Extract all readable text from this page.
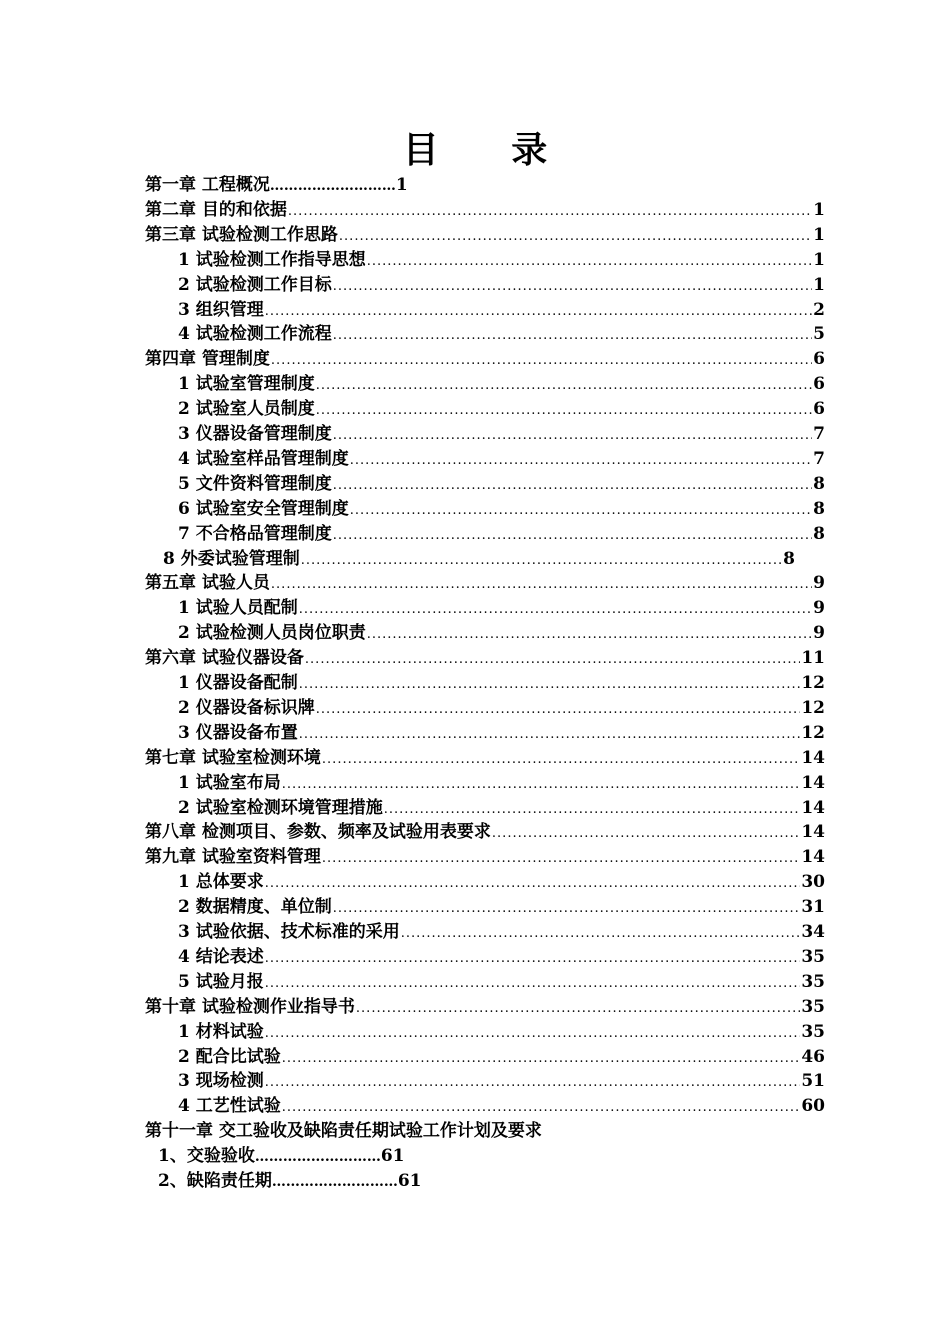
目 录
第一章 工程概况………………………1
第二章 目的和依据 .....	1
第三章 试验检测工作思路 .....	1
1 试验检测工作指导思想 .....	1
2 试验检测工作目标 .....	1
3 组织管理 .....	2
4 试验检测工作流程 .....	5
第四章 管理制度 .....	6
1 试验室管理制度 .....	6
2 试验室人员制度 .....	6
3 仪器设备管理制度 .....	7
4 试验室样品管理制度 .....	7
5 文件资料管理制度 .....	8
6 试验室安全管理制度 .....	8
7 不合格品管理制度 .....	8
8 外委试验管理制 .....	8
第五章 试验人员 .....	9
1 试验人员配制 .....	9
2 试验检测人员岗位职责 .....	9
第六章 试验仪器设备 .....	11
1 仪器设备配制 .....	12
2 仪器设备标识牌 .....	12
3 仪器设备布置 .....	12
第七章 试验室检测环境 .....	14
1 试验室布局 .....	14
2 试验室检测环境管理措施 .....	14
第八章 检测项目、参数、频率及试验用表要求 .....	14
第九章 试验室资料管理 .....	14
1 总体要求 .....	30
2 数据精度、单位制 .....	31
3 试验依据、技术标准的采用 .....	34
4 结论表述 .....	35
5 试验月报 .....	35
第十章 试验检测作业指导书 .....	35
1 材料试验 .....	35
2 配合比试验 .....	46
3 现场检测 .....	51
4 工艺性试验 .....	60
第十一章 交工验收及缺陷责任期试验工作计划及要求
1、交验验收………………………61
2、缺陷责任期………………………61
